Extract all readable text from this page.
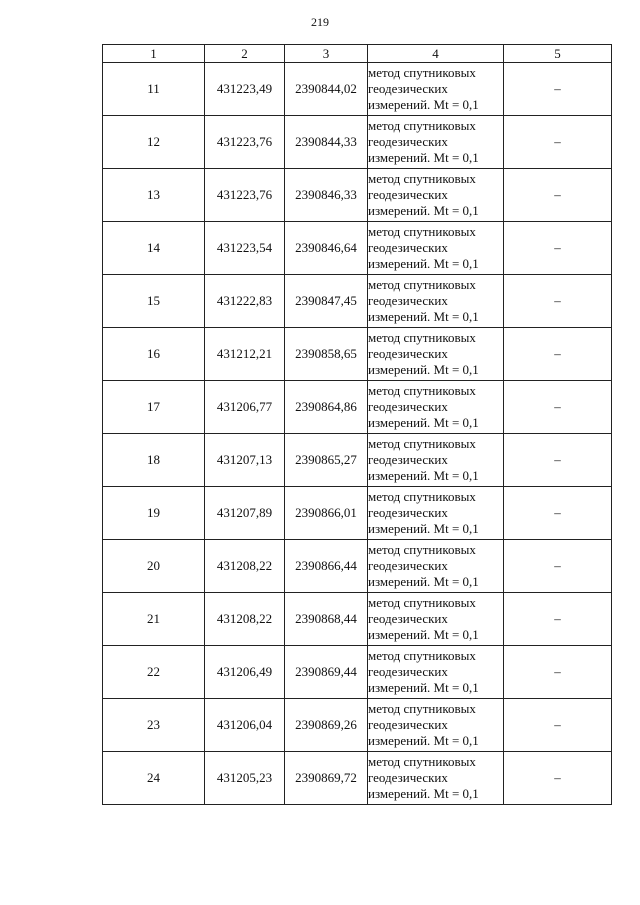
219
1	2	3	4	5
11	431223,49	2390844,02	метод спутниковых
геодезических
измерений. Mt = 0,1	–
12	431223,76	2390844,33	метод спутниковых
геодезических
измерений. Mt = 0,1	–
13	431223,76	2390846,33	метод спутниковых
геодезических
измерений. Mt = 0,1	–
14	431223,54	2390846,64	метод спутниковых
геодезических
измерений. Mt = 0,1	–
15	431222,83	2390847,45	метод спутниковых
геодезических
измерений. Mt = 0,1	–
16	431212,21	2390858,65	метод спутниковых
геодезических
измерений. Mt = 0,1	–
17	431206,77	2390864,86	метод спутниковых
геодезических
измерений. Mt = 0,1	–
18	431207,13	2390865,27	метод спутниковых
геодезических
измерений. Mt = 0,1	–
19	431207,89	2390866,01	метод спутниковых
геодезических
измерений. Mt = 0,1	–
20	431208,22	2390866,44	метод спутниковых
геодезических
измерений. Mt = 0,1	–
21	431208,22	2390868,44	метод спутниковых
геодезических
измерений. Mt = 0,1	–
22	431206,49	2390869,44	метод спутниковых
геодезических
измерений. Mt = 0,1	–
23	431206,04	2390869,26	метод спутниковых
геодезических
измерений. Mt = 0,1	–
24	431205,23	2390869,72	метод спутниковых
геодезических
измерений. Mt = 0,1	–
